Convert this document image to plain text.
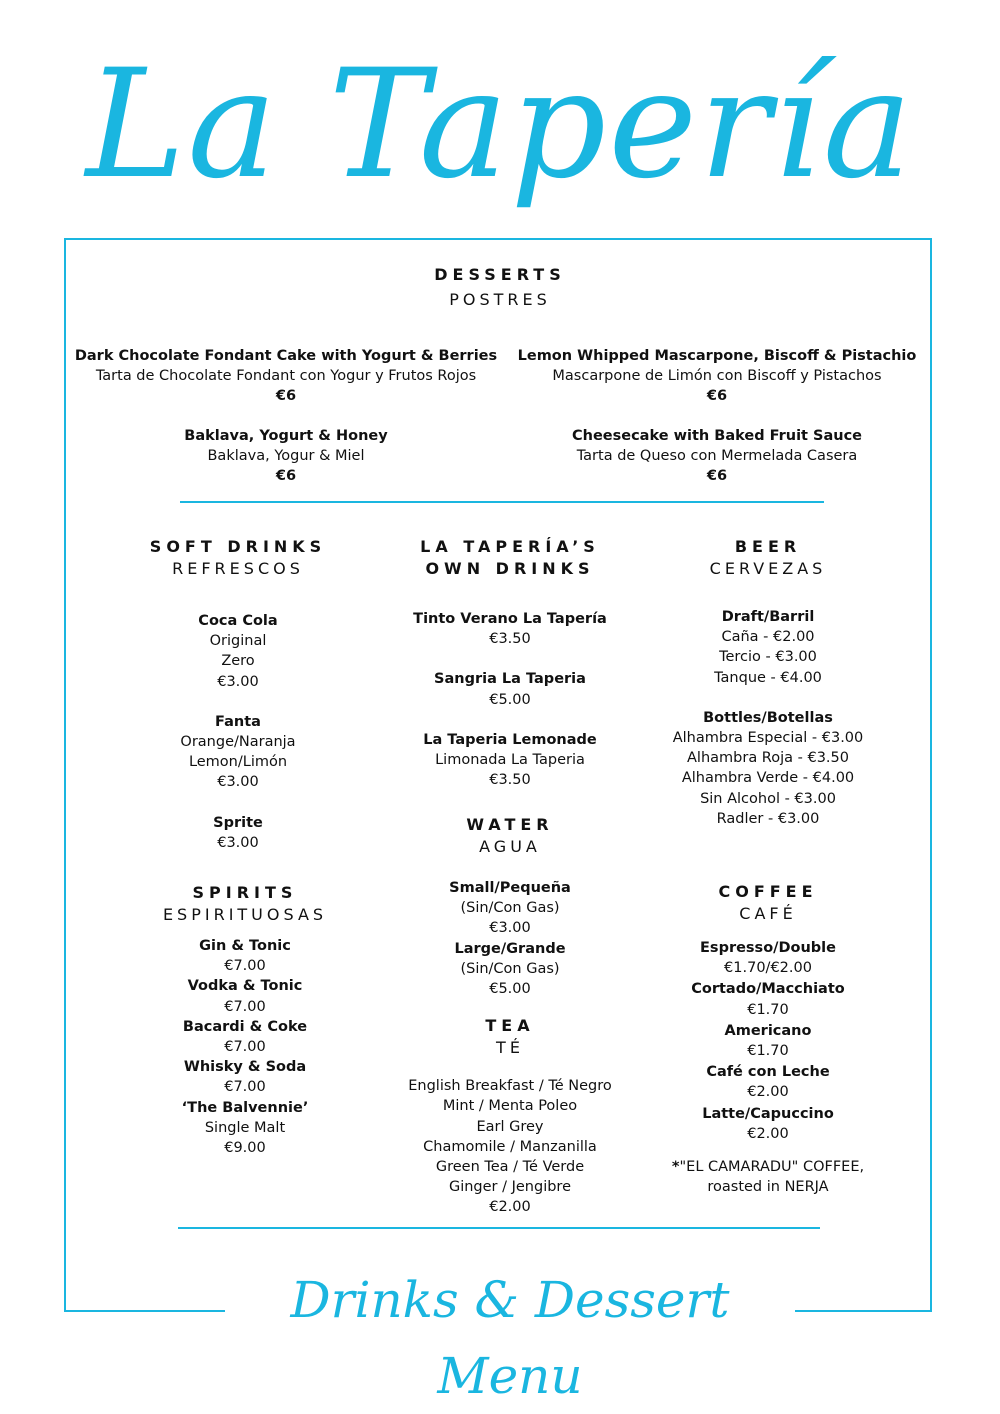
La Tapería
Drinks & Dessert Menu
DESSERTS
POSTRES
Dark Chocolate Fondant Cake with Yogurt & Berries
Tarta de Chocolate Fondant con Yogur y Frutos Rojos
€6
Lemon Whipped Mascarpone, Biscoff & Pistachio
Mascarpone de Limón con Biscoff y Pistachos
€6
Baklava, Yogurt & Honey
Baklava, Yogur & Miel
€6
Cheesecake with Baked Fruit Sauce
Tarta de Queso con Mermelada Casera
€6
SOFT DRINKS
REFRESCOS
Coca Cola
Original
Zero
€3.00
Fanta
Orange/Naranja
Lemon/Limón
€3.00
Sprite
€3.00
LA TAPERÍA’S
OWN DRINKS
Tinto Verano La Tapería
€3.50
Sangria La Taperia
€5.00
La Taperia Lemonade
Limonada La Taperia
€3.50
BEER
CERVEZAS
Draft/Barril
Caña - €2.00
Tercio - €3.00
Tanque - €4.00
Bottles/Botellas
Alhambra Especial - €3.00
Alhambra Roja - €3.50
Alhambra Verde - €4.00
Sin Alcohol - €3.00
Radler - €3.00
WATER
AGUA
Small/Pequeña
(Sin/Con Gas)
€3.00
Large/Grande
(Sin/Con Gas)
€5.00
TEA
TÉ
English Breakfast / Té Negro
Mint / Menta Poleo
Earl Grey
Chamomile / Manzanilla
Green Tea / Té Verde
Ginger / Jengibre
€2.00
SPIRITS
ESPIRITUOSAS
Gin & Tonic
€7.00
Vodka & Tonic
€7.00
Bacardi & Coke
€7.00
Whisky & Soda
€7.00
‘The Balvennie’
Single Malt
€9.00
COFFEE
CAFÉ
Espresso/Double
€1.70/€2.00
Cortado/Macchiato
€1.70
Americano
€1.70
Café con Leche
€2.00
Latte/Capuccino
€2.00
*"EL CAMARADU" COFFEE,
roasted in NERJA
